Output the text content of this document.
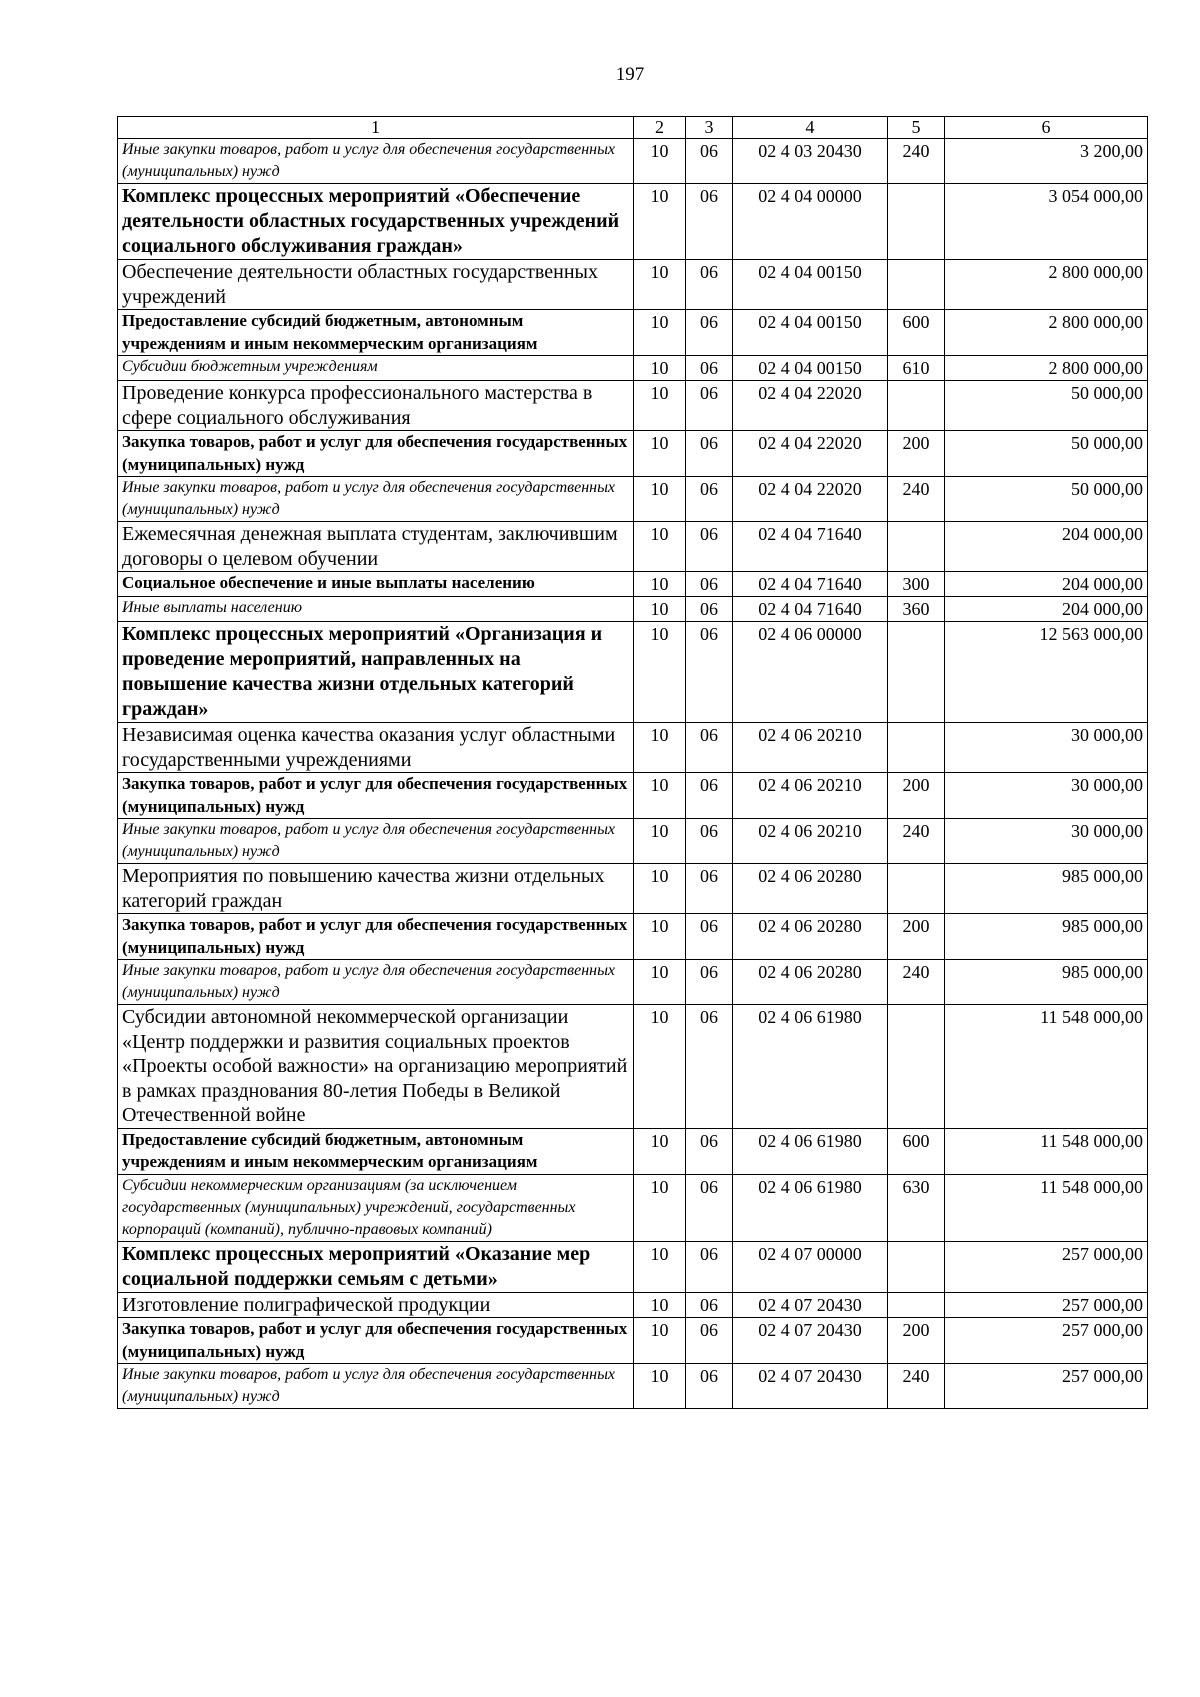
197
1	2	3	4	5	6
Иные закупки товаров, работ и услуг для обеспечения государственных (муниципальных) нужд	10	06	02 4 03 20430	240	3 200,00
Комплекс процессных мероприятий «Обеспечение деятельности областных государственных учреждений социального обслуживания граждан»	10	06	02 4 04 00000		3 054 000,00
Обеспечение деятельности областных государственных учреждений	10	06	02 4 04 00150		2 800 000,00
Предоставление субсидий бюджетным, автономным учреждениям и иным некоммерческим организациям	10	06	02 4 04 00150	600	2 800 000,00
Субсидии бюджетным учреждениям	10	06	02 4 04 00150	610	2 800 000,00
Проведение конкурса профессионального мастерства в сфере социального обслуживания	10	06	02 4 04 22020		50 000,00
Закупка товаров, работ и услуг для обеспечения государственных (муниципальных) нужд	10	06	02 4 04 22020	200	50 000,00
Иные закупки товаров, работ и услуг для обеспечения государственных (муниципальных) нужд	10	06	02 4 04 22020	240	50 000,00
Ежемесячная денежная выплата студентам, заключившим договоры о целевом обучении	10	06	02 4 04 71640		204 000,00
Социальное обеспечение и иные выплаты населению	10	06	02 4 04 71640	300	204 000,00
Иные выплаты населению	10	06	02 4 04 71640	360	204 000,00
Комплекс процессных мероприятий «Организация и проведение мероприятий, направленных на повышение качества жизни отдельных категорий граждан»	10	06	02 4 06 00000		12 563 000,00
Независимая оценка качества оказания услуг областными государственными учреждениями	10	06	02 4 06 20210		30 000,00
Закупка товаров, работ и услуг для обеспечения государственных (муниципальных) нужд	10	06	02 4 06 20210	200	30 000,00
Иные закупки товаров, работ и услуг для обеспечения государственных (муниципальных) нужд	10	06	02 4 06 20210	240	30 000,00
Мероприятия по повышению качества жизни отдельных категорий граждан	10	06	02 4 06 20280		985 000,00
Закупка товаров, работ и услуг для обеспечения государственных (муниципальных) нужд	10	06	02 4 06 20280	200	985 000,00
Иные закупки товаров, работ и услуг для обеспечения государственных (муниципальных) нужд	10	06	02 4 06 20280	240	985 000,00
Субсидии автономной некоммерческой организации «Центр поддержки и развития социальных проектов «Проекты особой важности» на организацию мероприятий в рамках празднования 80-летия Победы в Великой Отечественной войне	10	06	02 4 06 61980		11 548 000,00
Предоставление субсидий бюджетным, автономным учреждениям и иным некоммерческим организациям	10	06	02 4 06 61980	600	11 548 000,00
Субсидии некоммерческим организациям (за исключением государственных (муниципальных) учреждений, государственных корпораций (компаний), публично-правовых компаний)	10	06	02 4 06 61980	630	11 548 000,00
Комплекс процессных мероприятий «Оказание мер социальной поддержки семьям с детьми»	10	06	02 4 07 00000		257 000,00
Изготовление полиграфической продукции	10	06	02 4 07 20430		257 000,00
Закупка товаров, работ и услуг для обеспечения государственных (муниципальных) нужд	10	06	02 4 07 20430	200	257 000,00
Иные закупки товаров, работ и услуг для обеспечения государственных (муниципальных) нужд	10	06	02 4 07 20430	240	257 000,00
